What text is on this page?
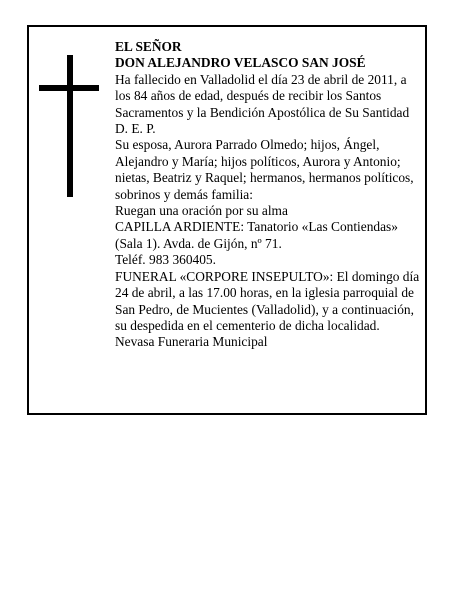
EL SEÑOR
DON ALEJANDRO VELASCO SAN JOSÉ
Ha fallecido en Valladolid el día 23 de abril de 2011, a
los 84 años de edad, después de recibir los Santos
Sacramentos y la Bendición Apostólica de Su Santidad
D. E. P.
Su esposa, Aurora Parrado Olmedo; hijos, Ángel,
Alejandro y María; hijos políticos, Aurora y Antonio;
nietas, Beatriz y Raquel; hermanos, hermanos políticos,
sobrinos y demás familia:
Ruegan una oración por su alma
CAPILLA ARDIENTE: Tanatorio «Las Contiendas»
(Sala 1). Avda. de Gijón, nº 71.
Teléf. 983 360405.
FUNERAL «CORPORE INSEPULTO»: El domingo día
24 de abril, a las 17.00 horas, en la iglesia parroquial de
San Pedro, de Mucientes (Valladolid), y a continuación,
su despedida en el cementerio de dicha localidad.
Nevasa Funeraria Municipal
